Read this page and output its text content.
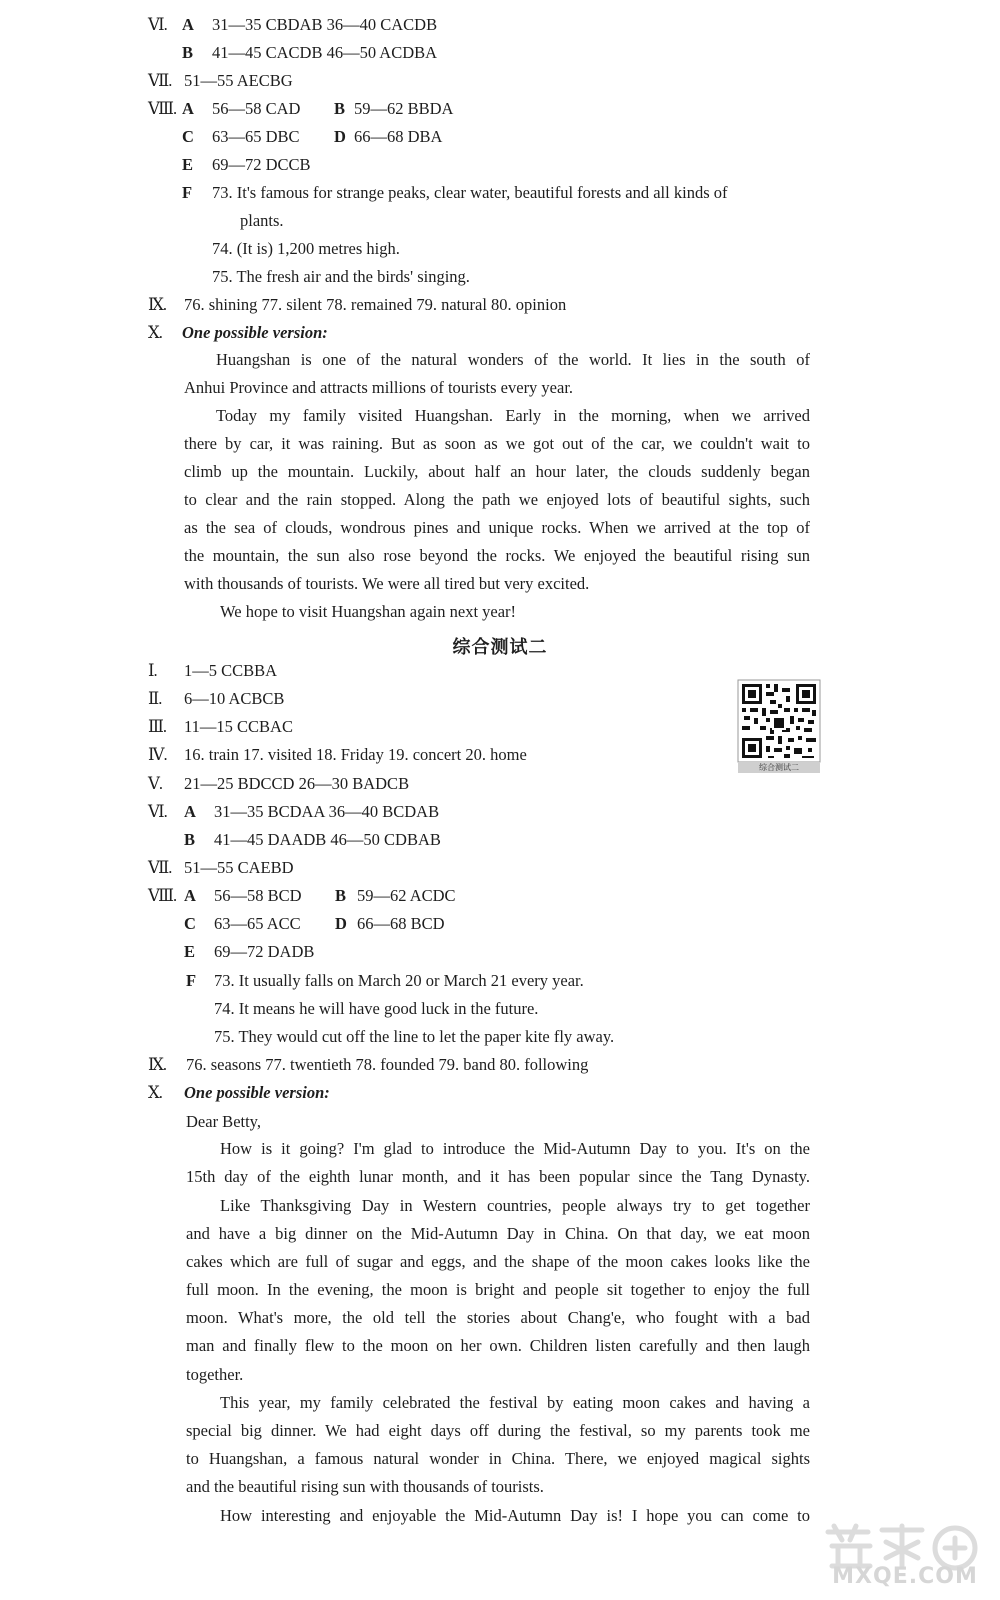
Ⅵ. A 31—35 CBDAB 36—40 CACDB
B 41—45 CACDB 46—50 ACDBA
Ⅶ. 51—55 AECBG
Ⅷ. A 56—58 CAD B 59—62 BBDA
C 63—65 DBC D 66—68 DBA
E 69—72 DCCB
F 73. It's famous for strange peaks, clear water, beautiful forests and all kinds of
plants.
74. (It is) 1,200 metres high.
75. The fresh air and the birds' singing.
Ⅸ. 76. shining 77. silent 78. remained 79. natural 80. opinion
Ⅹ. One possible version:
Huangshan is one of the natural wonders of the world. It lies in the south of
Anhui Province and attracts millions of tourists every year.
Today my family visited Huangshan. Early in the morning, when we arrived
there by car, it was raining. But as soon as we got out of the car, we couldn't wait to
climb up the mountain. Luckily, about half an hour later, the clouds suddenly began
to clear and the rain stopped. Along the path we enjoyed lots of beautiful sights, such
as the sea of clouds, wondrous pines and unique rocks. When we arrived at the top of
the mountain, the sun also rose beyond the rocks. We enjoyed the beautiful rising sun
with thousands of tourists. We were all tired but very excited.
We hope to visit Huangshan again next year!
综合测试二
综合测试二
Ⅰ. 1—5 CCBBA
Ⅱ. 6—10 ACBCB
Ⅲ. 11—15 CCBAC
Ⅳ. 16. train 17. visited 18. Friday 19. concert 20. home
Ⅴ. 21—25 BDCCD 26—30 BADCB
Ⅵ. A 31—35 BCDAA 36—40 BCDAB
B 41—45 DAADB 46—50 CDBAB
Ⅶ. 51—55 CAEBD
Ⅷ. A 56—58 BCD B 59—62 ACDC
C 63—65 ACC D 66—68 BCD
E 69—72 DADB
F 73. It usually falls on March 20 or March 21 every year.
74. It means he will have good luck in the future.
75. They would cut off the line to let the paper kite fly away.
Ⅸ. 76. seasons 77. twentieth 78. founded 79. band 80. following
Ⅹ. One possible version:
Dear Betty,
How is it going? I'm glad to introduce the Mid-Autumn Day to you. It's on the
15th day of the eighth lunar month, and it has been popular since the Tang Dynasty.
Like Thanksgiving Day in Western countries, people always try to get together
and have a big dinner on the Mid-Autumn Day in China. On that day, we eat moon
cakes which are full of sugar and eggs, and the shape of the moon cakes looks like the
full moon. In the evening, the moon is bright and people sit together to enjoy the full
moon. What's more, the old tell the stories about Chang'e, who fought with a bad
man and finally flew to the moon on her own. Children listen carefully and then laugh
together.
This year, my family celebrated the festival by eating moon cakes and having a
special big dinner. We had eight days off during the festival, so my parents took me
to Huangshan, a famous natural wonder in China. There, we enjoyed magical sights
and the beautiful rising sun with thousands of tourists.
How interesting and enjoyable the Mid-Autumn Day is! I hope you can come to
MXQE.COM
